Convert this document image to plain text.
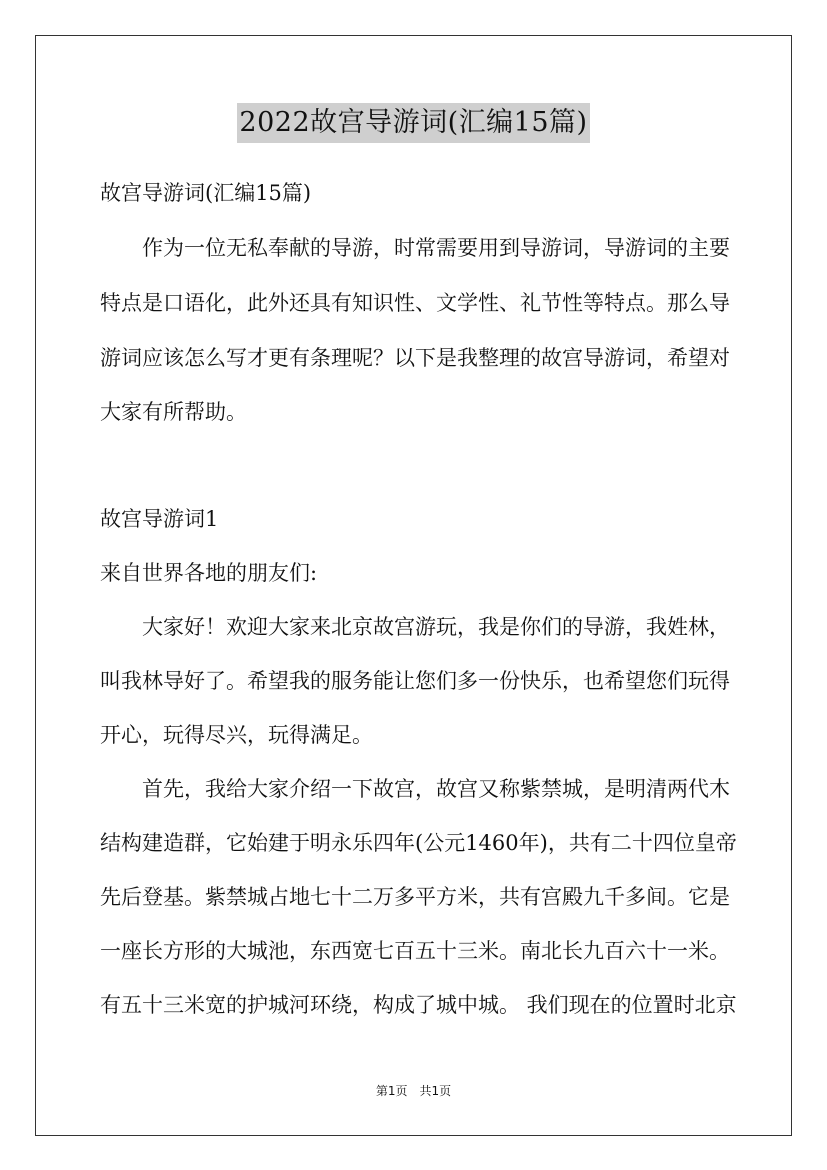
2022故宫导游词(汇编15篇)
故宫导游词(汇编15篇)
　　作为一位无私奉献的导游，时常需要用到导游词，导游词的主要
特点是口语化，此外还具有知识性、文学性、礼节性等特点。那么导
游词应该怎么写才更有条理呢？以下是我整理的故宫导游词，希望对
大家有所帮助。
故宫导游词1
来自世界各地的朋友们:
　　大家好！欢迎大家来北京故宫游玩，我是你们的导游，我姓林，
叫我林导好了。希望我的服务能让您们多一份快乐，也希望您们玩得
开心，玩得尽兴，玩得满足。
　　首先，我给大家介绍一下故宫，故宫又称紫禁城，是明清两代木
结构建造群，它始建于明永乐四年(公元1460年)，共有二十四位皇帝
先后登基。紫禁城占地七十二万多平方米，共有宫殿九千多间。它是
一座长方形的大城池，东西宽七百五十三米。南北长九百六十一米。
有五十三米宽的护城河环绕，构成了城中城。 我们现在的位置时北京
第1页　共1页
